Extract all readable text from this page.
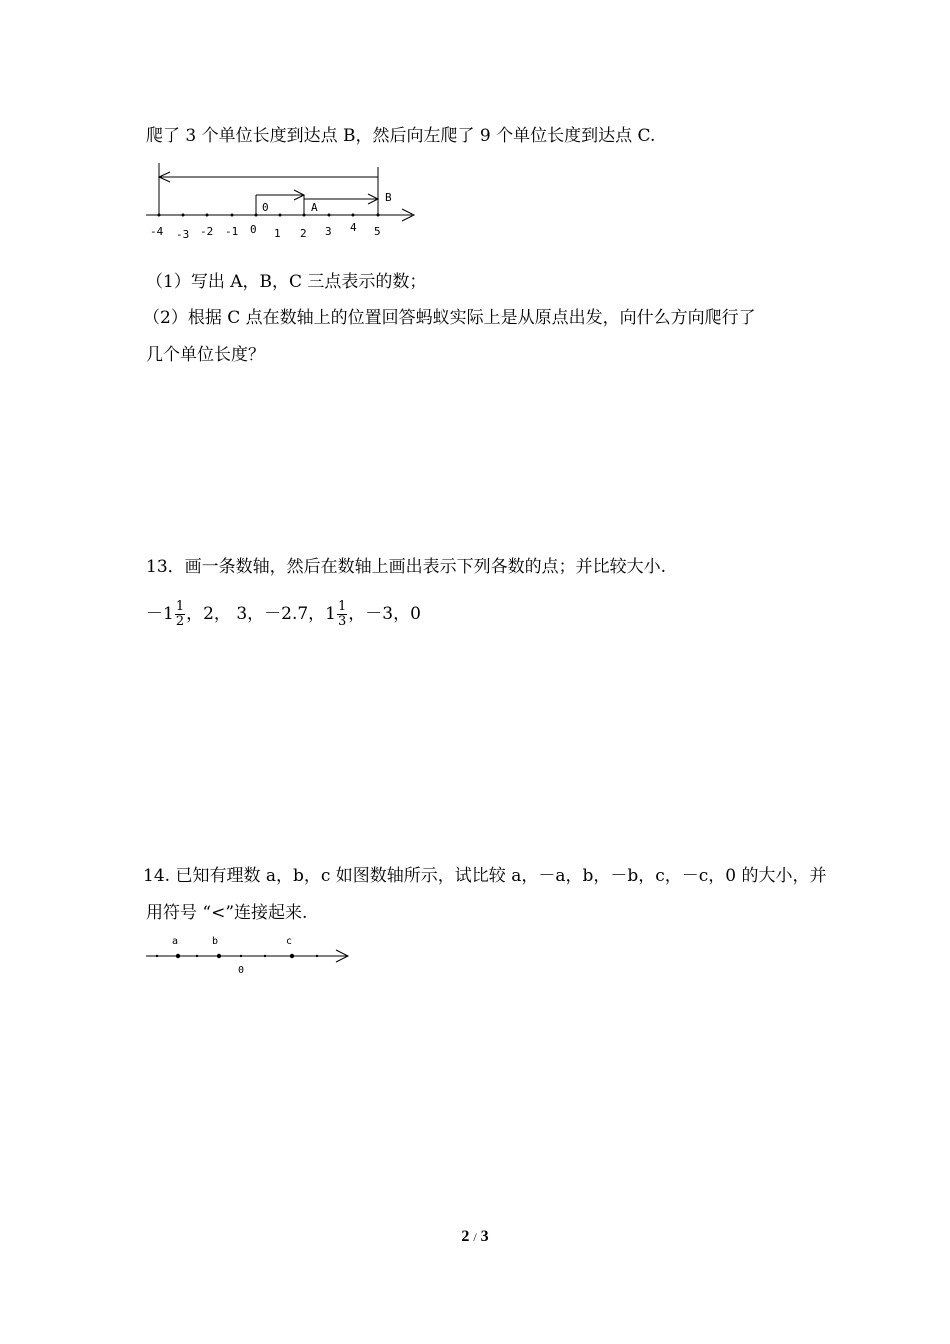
爬了 3 个单位长度到达点 B，然后向左爬了 9 个单位长度到达点 C.
-4 -3 -2 -1 0 1 2 3 4 5
0	A
B
（1）写出 A，B，C 三点表示的数；
（2）根据 C 点在数轴上的位置回答蚂蚁实际上是从原点出发，向什么方向爬行了
几个单位长度？
13．画一条数轴，然后在数轴上画出表示下列各数的点；并比较大小.
$-1 \frac{1}{2}$ ，2， 3，－2.7，$1 \frac{1}{3}$ ，－3，0
14. 已知有理数 a，b，c 如图数轴所示，试比较 a，－a，b，－b，c，－c，0 的大小，并
用符号 “<”连接起来.
a	b	c
0
2 / 3
